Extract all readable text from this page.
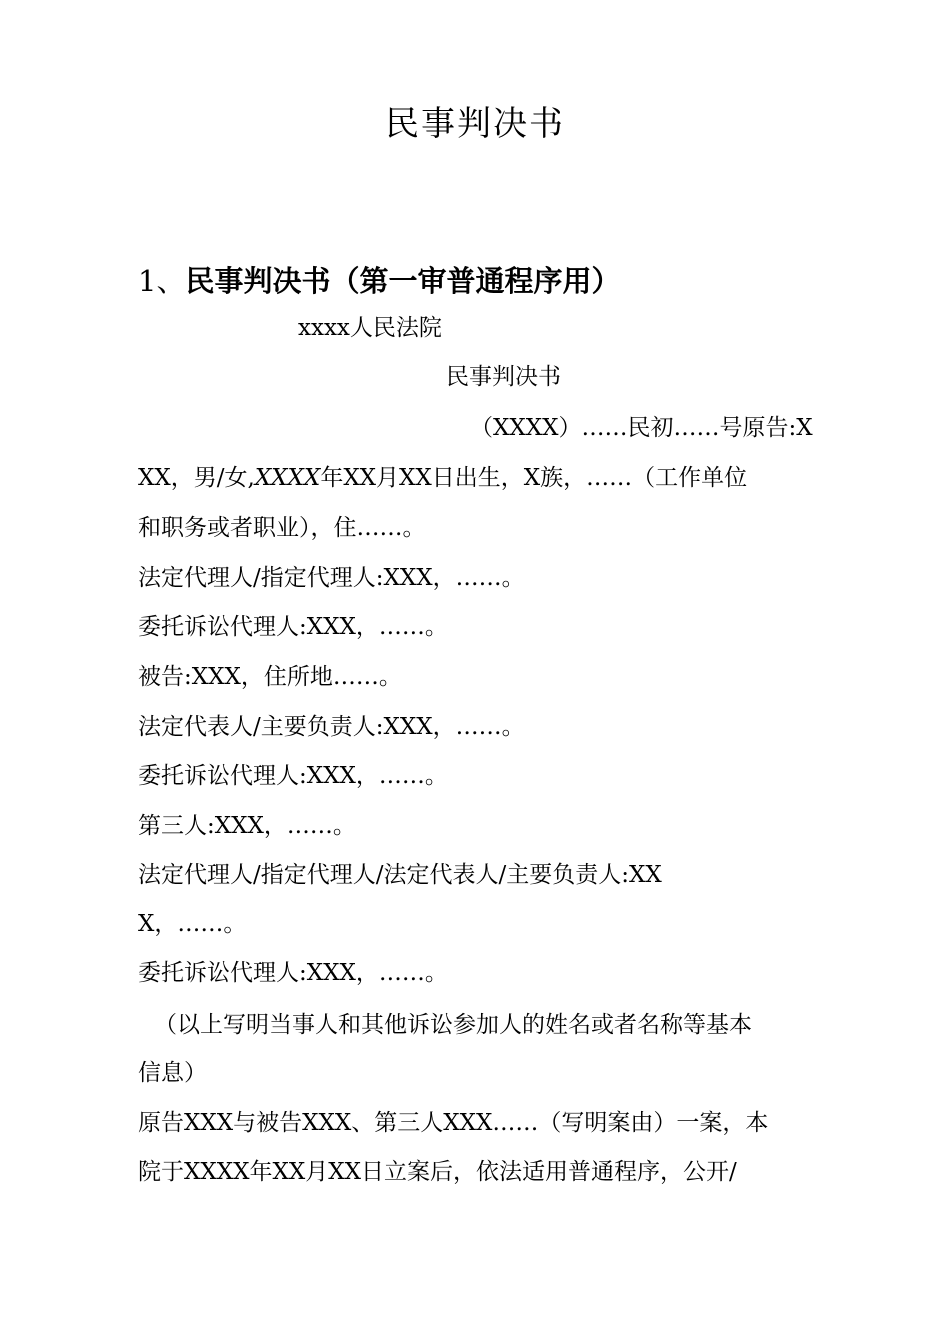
民事判决书
1、民事判决书（第一审普通程序用）
xxxx人民法院
民事判决书
（XXXX）……民初……号原告:X
XX，男/女,XXXX年XX月XX日出生，X族，……（工作单位
和职务或者职业），住……。
法定代理人/指定代理人:XXX，……。
委托诉讼代理人:XXX，……。
被告:XXX，住所地……。
法定代表人/主要负责人:XXX，……。
委托诉讼代理人:XXX，……。
第三人:XXX，……。
法定代理人/指定代理人/法定代表人/主要负责人:XX
X，……。
委托诉讼代理人:XXX，……。
（以上写明当事人和其他诉讼参加人的姓名或者名称等基本
信息）
原告XXX与被告XXX、第三人XXX……（写明案由）一案，本
院于XXXX年XX月XX日立案后，依法适用普通程序，公开/
